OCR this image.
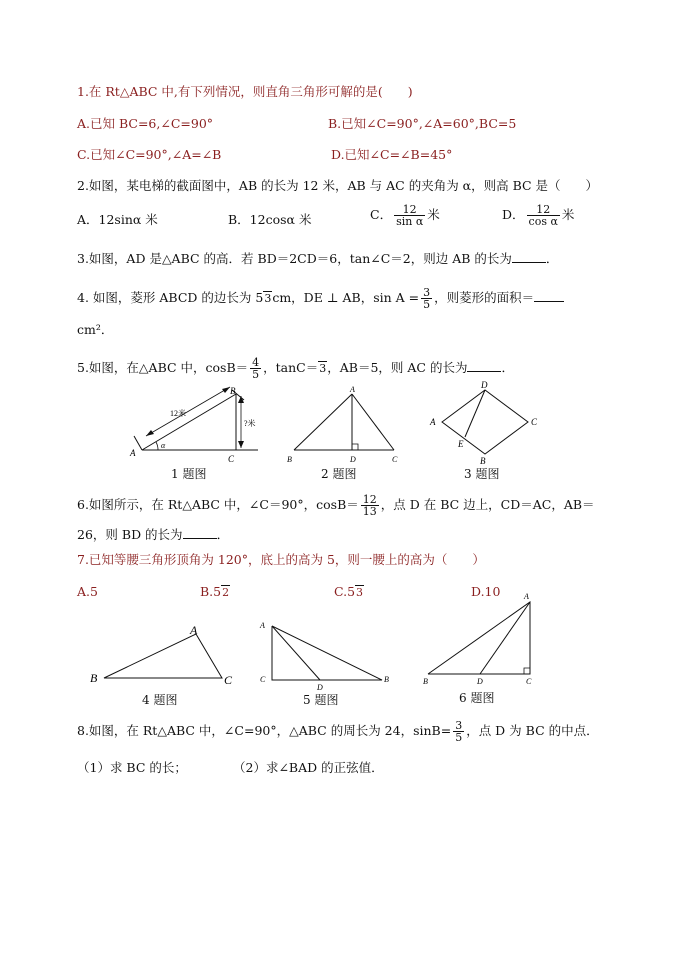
1.在 Rt△ABC 中,有下列情况，则直角三角形可解的是(　　)
A.已知 BC=6,∠C=90°	B.已知∠C=90°,∠A=60°,BC=5
C.已知∠C=90°,∠A=∠B	D.已知∠C=∠B=45°
2.如图，某电梯的截面图中，AB 的长为 12 米，AB 与 AC 的夹角为 α，则高 BC 是（　　）
A．12sinα 米	B．12cosα 米	C． $\frac{12}{\text{sin α}}$ 米	D． $\frac{12}{\text{cos α}}$ 米
3.如图，AD 是△ABC 的高．若 BD＝2CD＝6，tan∠C＝2，则边 AB 的长为	．
4. 如图，菱形 ABCD 的边长为 53cm，DE ⊥ AB，$\sin A = \frac{3}{5}$ ，则菱形的面积＝
cm²．
5.如图，在△ABC 中，$\cos B= \frac{4}{5}$ ，tanC＝3，AB＝5，则 AC 的长为	．
A
B
C
α
12米
?米
1 题图
A
B	C
D
2 题图
D
A	C
B
E
3 题图
6.如图所示，在 Rt△ABC 中，∠C＝90°，$\cos B= \frac{12}{13}$ ，点 D 在 BC 边上，CD＝AC，AB＝
26，则 BD 的长为	．
7.已知等腰三角形顶角为 120°，底上的高为 5，则一腰上的高为（　　）
A.5	B.52	C.53	D.10
A
B	C
4 题图
A
C	B
D
5 题图
A
B	D	C
6 题图
8.如图，在 Rt△ABC 中，∠C=90°，△ABC 的周长为 24，$\sin B= \frac{3}{5}$ ，点 D 为 BC 的中点．
（1）求 BC 的长；	（2）求∠BAD 的正弦值．
